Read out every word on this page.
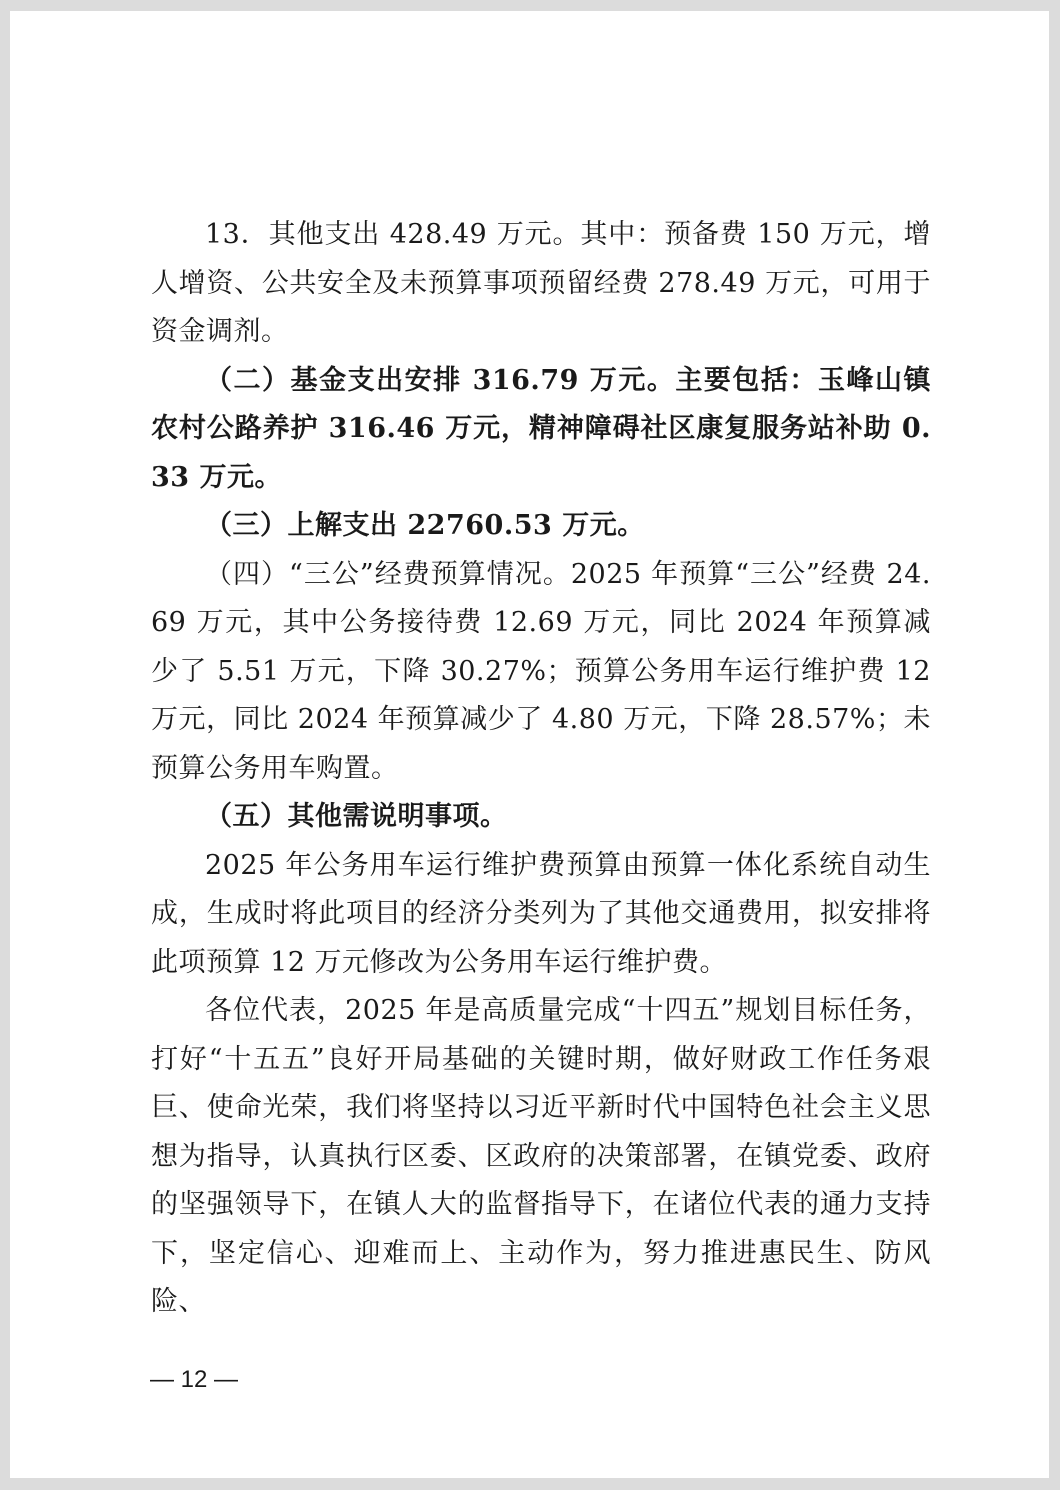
13．其他支出 428.49 万元。其中：预备费 150 万元，增人增资、公共安全及未预算事项预留经费 278.49 万元，可用于资金调剂。

（二）基金支出安排 316.79 万元。主要包括：玉峰山镇农村公路养护 316.46 万元，精神障碍社区康复服务站补助 0.33 万元。

（三）上解支出 22760.53 万元。

（四）“三公”经费预算情况。2025 年预算“三公”经费 24.69 万元，其中公务接待费 12.69 万元，同比 2024 年预算减少了 5.51 万元，下降 30.27%；预算公务用车运行维护费 12 万元，同比 2024 年预算减少了 4.80 万元，下降 28.57%；未预算公务用车购置。

（五）其他需说明事项。

2025 年公务用车运行维护费预算由预算一体化系统自动生成，生成时将此项目的经济分类列为了其他交通费用，拟安排将此项预算 12 万元修改为公务用车运行维护费。

各位代表，2025 年是高质量完成“十四五”规划目标任务，打好“十五五”良好开局基础的关键时期，做好财政工作任务艰巨、使命光荣，我们将坚持以习近平新时代中国特色社会主义思想为指导，认真执行区委、区政府的决策部署，在镇党委、政府的坚强领导下，在镇人大的监督指导下，在诸位代表的通力支持下，坚定信心、迎难而上、主动作为，努力推进惠民生、防风险、

— 12 —
